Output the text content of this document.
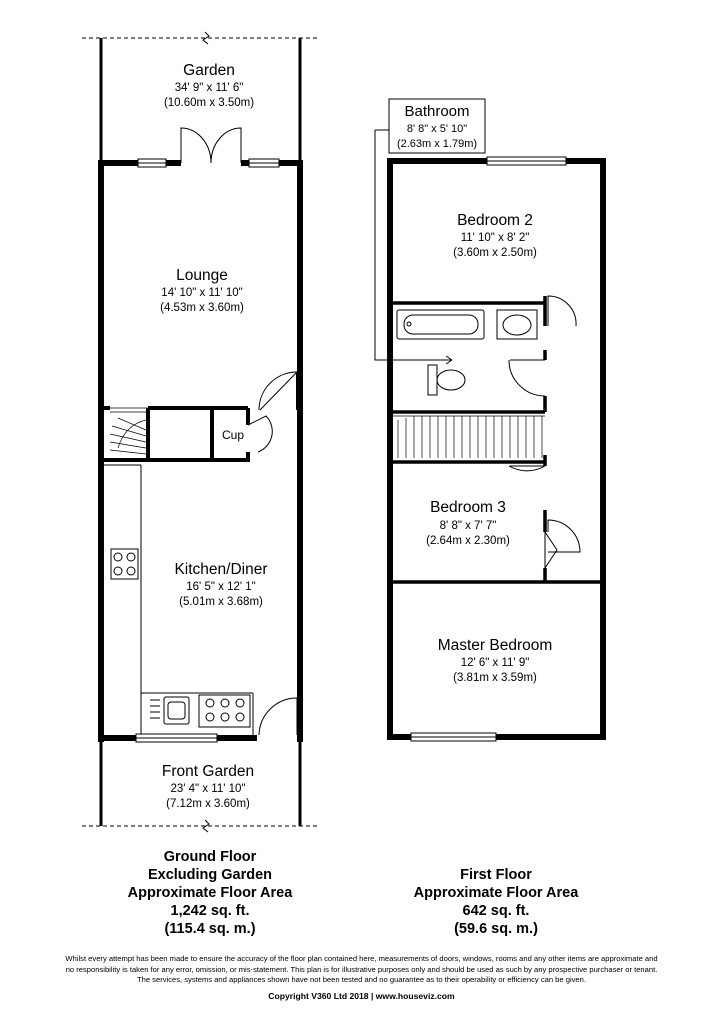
Garden
34' 9" x 11' 6"
(10.60m x 3.50m)
Lounge
14' 10" x 11' 10"
(4.53m x 3.60m)
Cup
Kitchen/Diner
16' 5" x 12' 1"
(5.01m x 3.68m)
Front Garden
23' 4" x 11' 10"
(7.12m x 3.60m)
Bathroom
8' 8" x 5' 10"
(2.63m x 1.79m)
Bedroom 2
11' 10" x 8' 2"
(3.60m x 2.50m)
Bedroom 3
8' 8" x 7' 7"
(2.64m x 2.30m)
Master Bedroom
12' 6" x 11' 9"
(3.81m x 3.59m)
Ground Floor
Excluding Garden
Approximate Floor Area
1,242 sq. ft.
(115.4 sq. m.)
First Floor
Approximate Floor Area
642 sq. ft.
(59.6 sq. m.)
Whilst every attempt has been made to ensure the accuracy of the floor plan contained here, measurements of doors, windows, rooms and any other items are approximate and
no responsibility is taken for any error, omission, or mis-statement. This plan is for illustrative purposes only and should be used as such by any prospective purchaser or tenant.
The services, systems and appliances shown have not been tested and no guarantee as to their operability or efficiency can be given.
Copyright V360 Ltd 2018 | www.houseviz.com
